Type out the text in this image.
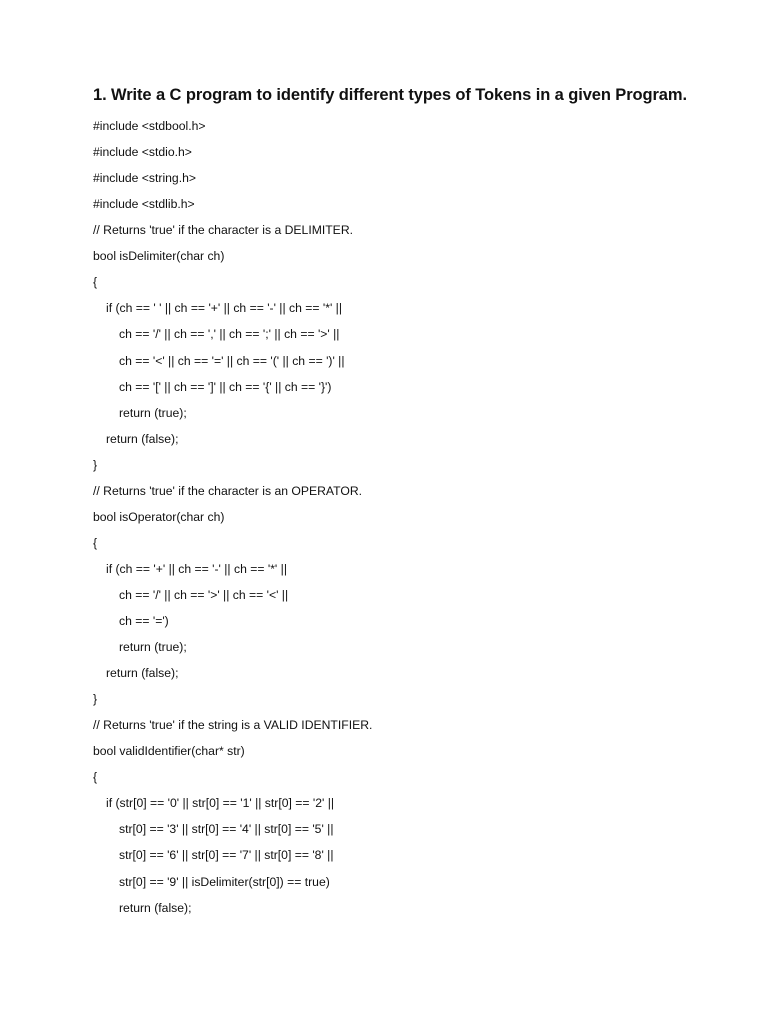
1. Write a C program to identify different types of Tokens in a given Program.
#include <stdbool.h>
#include <stdio.h>
#include <string.h>
#include <stdlib.h>
// Returns 'true' if the character is a DELIMITER.
bool isDelimiter(char ch)
{
if (ch == ' ' || ch == '+' || ch == '-' || ch == '*' ||
ch == '/' || ch == ',' || ch == ';' || ch == '>' ||
ch == '<' || ch == '=' || ch == '(' || ch == ')' ||
ch == '[' || ch == ']' || ch == '{' || ch == '}')
return (true);
return (false);
}
// Returns 'true' if the character is an OPERATOR.
bool isOperator(char ch)
{
if (ch == '+' || ch == '-' || ch == '*' ||
ch == '/' || ch == '>' || ch == '<' ||
ch == '=')
return (true);
return (false);
}
// Returns 'true' if the string is a VALID IDENTIFIER.
bool validIdentifier(char* str)
{
if (str[0] == '0' || str[0] == '1' || str[0] == '2' ||
str[0] == '3' || str[0] == '4' || str[0] == '5' ||
str[0] == '6' || str[0] == '7' || str[0] == '8' ||
str[0] == '9' || isDelimiter(str[0]) == true)
return (false);
